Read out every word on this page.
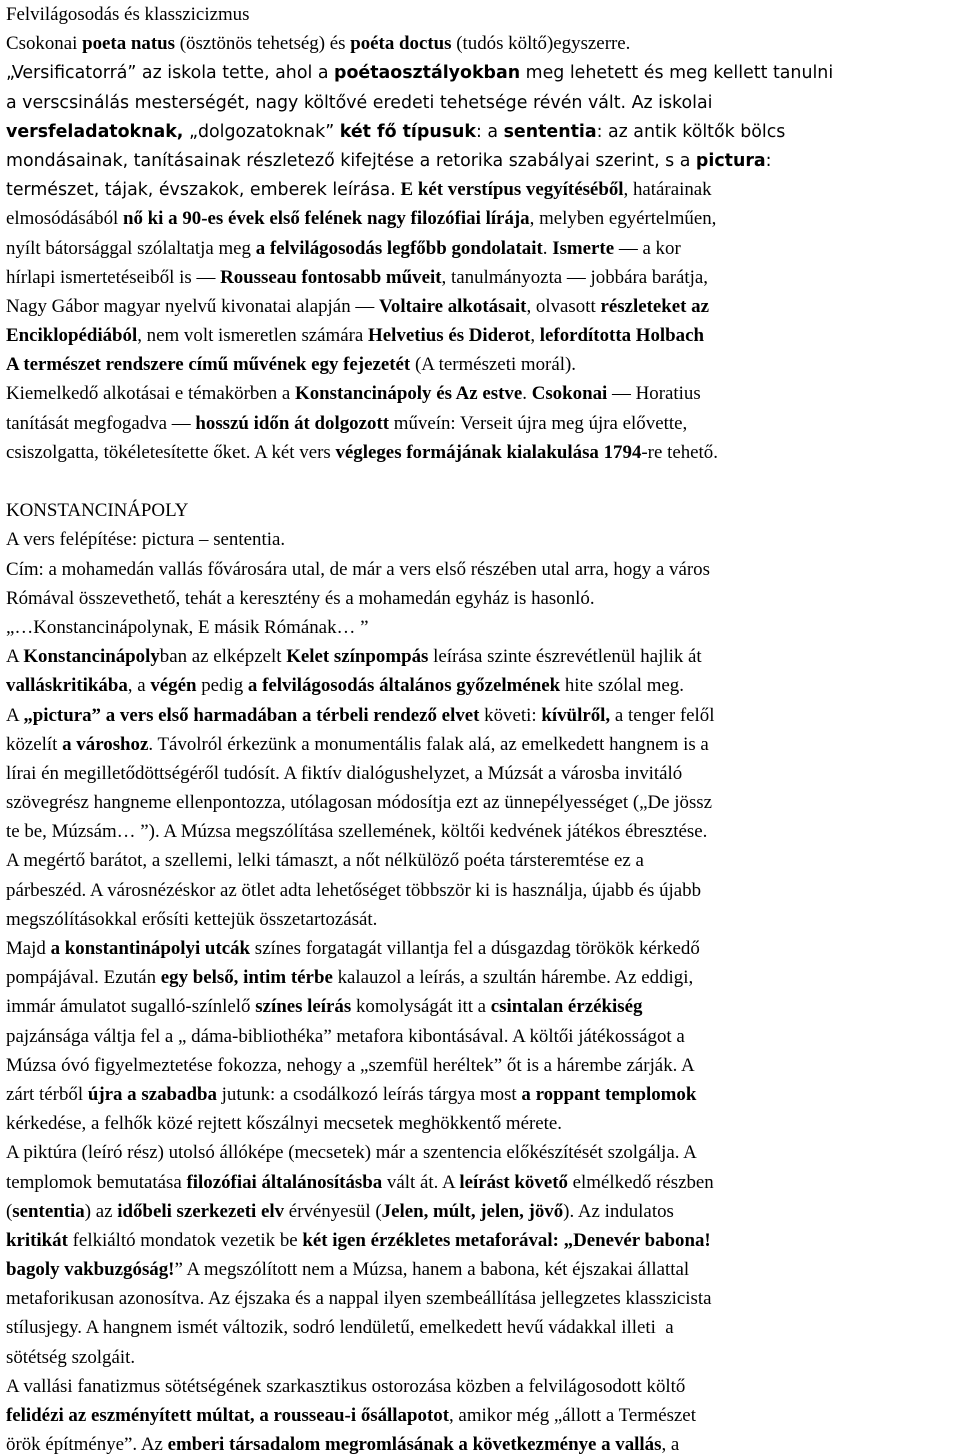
Felvilágosodás és klasszicizmus
Csokonai poeta natus (ösztönös tehetség) és poéta doctus (tudós költő)egyszerre.
„Versificatorrá” az iskola tette, ahol a poétaosztályokban meg lehetett és meg kellett tanulni
a verscsinálás mesterségét, nagy költővé eredeti tehetsége révén vált. Az iskolai
versfeladatoknak, „dolgozatoknak” két fő típusuk: a sententia: az antik költők bölcs
mondásainak, tanításainak részletező kifejtése a retorika szabályai szerint, s a pictura:
természet, tájak, évszakok, emberek leírása. E két verstípus vegyítéséből, határainak
elmosódásából nő ki a 90-es évek első felének nagy filozófiai lírája, melyben egyértelműen,
nyílt bátorsággal szólaltatja meg a felvilágosodás legfőbb gondolatait. Ismerte — a kor
hírlapi ismertetéseiből is — Rousseau fontosabb műveit, tanulmányozta — jobbára barátja,
Nagy Gábor magyar nyelvű kivonatai alapján — Voltaire alkotásait, olvasott részleteket az
Enciklopédiából, nem volt ismeretlen számára Helvetius és Diderot, lefordította Holbach
A természet rendszere című művének egy fejezetét (A természeti morál).
Kiemelkedő alkotásai e témakörben a Konstancinápoly és Az estve. Csokonai — Horatius
tanítását megfogadva — hosszú időn át dolgozott műveín: Verseit újra meg újra elővette,
csiszolgatta, tökéletesítette őket. A két vers végleges formájának kialakulása 1794-re tehető.
KONSTANCINÁPOLY
A vers felépítése: pictura – sententia.
Cím: a mohamedán vallás fővárosára utal, de már a vers első részében utal arra, hogy a város
Rómával összevethető, tehát a keresztény és a mohamedán egyház is hasonló.
„…Konstancinápolynak, E másik Rómának… ”
A Konstancinápolyban az elképzelt Kelet színpompás leírása szinte észrevétlenül hajlik át
valláskritikába, a végén pedig a felvilágosodás általános győzelmének hite szólal meg.
A „pictura” a vers első harmadában a térbeli rendező elvet követi: kívülről, a tenger felől
közelít a városhoz. Távolról érkezünk a monumentális falak alá, az emelkedett hangnem is a
lírai én megilletődöttségéről tudósít. A fiktív dialógushelyzet, a Múzsát a városba invitáló
szövegrész hangneme ellenpontozza, utólagosan módosítja ezt az ünnepélyességet („De jössz
te be, Múzsám… ”). A Múzsa megszólítása szellemének, költői kedvének játékos ébresztése.
A megértő barátot, a szellemi, lelki támaszt, a nőt nélkülöző poéta társteremtése ez a
párbeszéd. A városnézéskor az ötlet adta lehetőséget többször ki is használja, újabb és újabb
megszólításokkal erősíti kettejük összetartozását.
Majd a konstantinápolyi utcák színes forgatagát villantja fel a dúsgazdag törökök kérkedő
pompájával. Ezután egy belső, intim térbe kalauzol a leírás, a szultán hárembe. Az eddigi,
immár ámulatot sugalló-színlelő színes leírás komolyságát itt a csintalan érzékiség
pajzánsága váltja fel a „ dáma-bibliothéka” metafora kibontásával. A költői játékosságot a
Múzsa óvó figyelmeztetése fokozza, nehogy a „szemfül heréltek” őt is a hárembe zárják. A
zárt térből újra a szabadba jutunk: a csodálkozó leírás tárgya most a roppant templomok
kérkedése, a felhők közé rejtett kőszálnyi mecsetek meghökkentő mérete.
A piktúra (leíró rész) utolsó állóképe (mecsetek) már a szentencia előkészítését szolgálja. A
templomok bemutatása filozófiai általánosításba vált át. A leírást követő elmélkedő részben
(sententia) az időbeli szerkezeti elv érvényesül (Jelen, múlt, jelen, jövő). Az indulatos
kritikát felkiáltó mondatok vezetik be két igen érzékletes metaforával: „Denevér babona!
bagoly vakbuzgóság!” A megszólított nem a Múzsa, hanem a babona, két éjszakai állattal
metaforikusan azonosítva. Az éjszaka és a nappal ilyen szembeállítása jellegzetes klasszicista
stílusjegy. A hangnem ismét változik, sodró lendületű, emelkedett hevű vádakkal illeti  a
sötétség szolgáit.
A vallási fanatizmus sötétségének szarkasztikus ostorozása közben a felvilágosodott költő
felidézi az eszményített múltat, a rousseau-i ősállapotot, amikor még „állott a Természet
örök építménye”. Az emberi társadalom megromlásának a következménye a vallás, a
